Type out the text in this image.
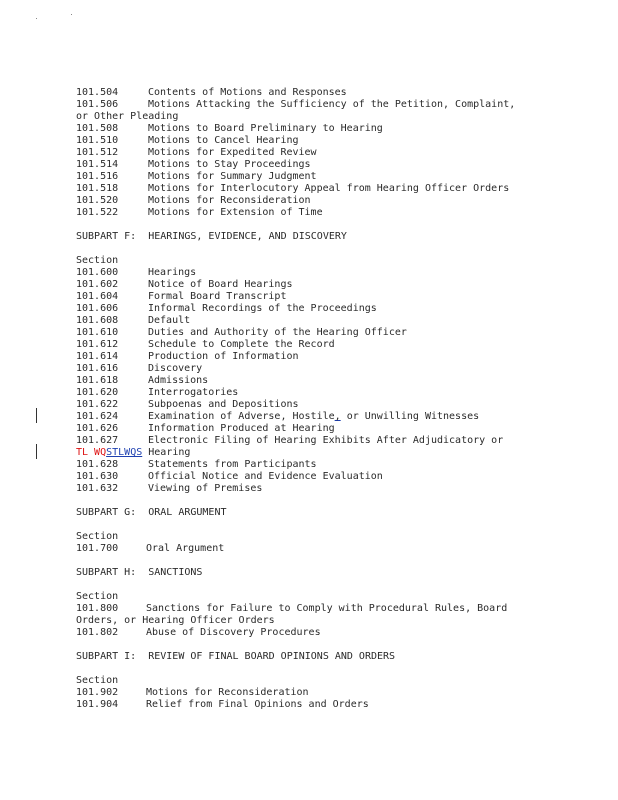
101.504	Contents of Motions and Responses
101.506	Motions Attacking the Sufficiency of the Petition, Complaint,
or Other Pleading
101.508	Motions to Board Preliminary to Hearing
101.510	Motions to Cancel Hearing
101.512	Motions for Expedited Review
101.514	Motions to Stay Proceedings
101.516	Motions for Summary Judgment
101.518	Motions for Interlocutory Appeal from Hearing Officer Orders
101.520	Motions for Reconsideration
101.522	Motions for Extension of Time
SUBPART F: HEARINGS, EVIDENCE, AND DISCOVERY
Section
101.600	Hearings
101.602	Notice of Board Hearings
101.604	Formal Board Transcript
101.606	Informal Recordings of the Proceedings
101.608	Default
101.610	Duties and Authority of the Hearing Officer
101.612	Schedule to Complete the Record
101.614	Production of Information
101.616	Discovery
101.618	Admissions
101.620	Interrogatories
101.622	Subpoenas and Depositions
101.624	Examination of Adverse, Hostile, or Unwilling Witnesses
101.626	Information Produced at Hearing
101.627	Electronic Filing of Hearing Exhibits After Adjudicatory or
TL WQSTLWQS Hearing
101.628	Statements from Participants
101.630	Official Notice and Evidence Evaluation
101.632	Viewing of Premises
SUBPART G: ORAL ARGUMENT
Section
101.700	Oral Argument
SUBPART H: SANCTIONS
Section
101.800	Sanctions for Failure to Comply with Procedural Rules, Board
Orders, or Hearing Officer Orders
101.802	Abuse of Discovery Procedures
SUBPART I: REVIEW OF FINAL BOARD OPINIONS AND ORDERS
Section
101.902	Motions for Reconsideration
101.904	Relief from Final Opinions and Orders
